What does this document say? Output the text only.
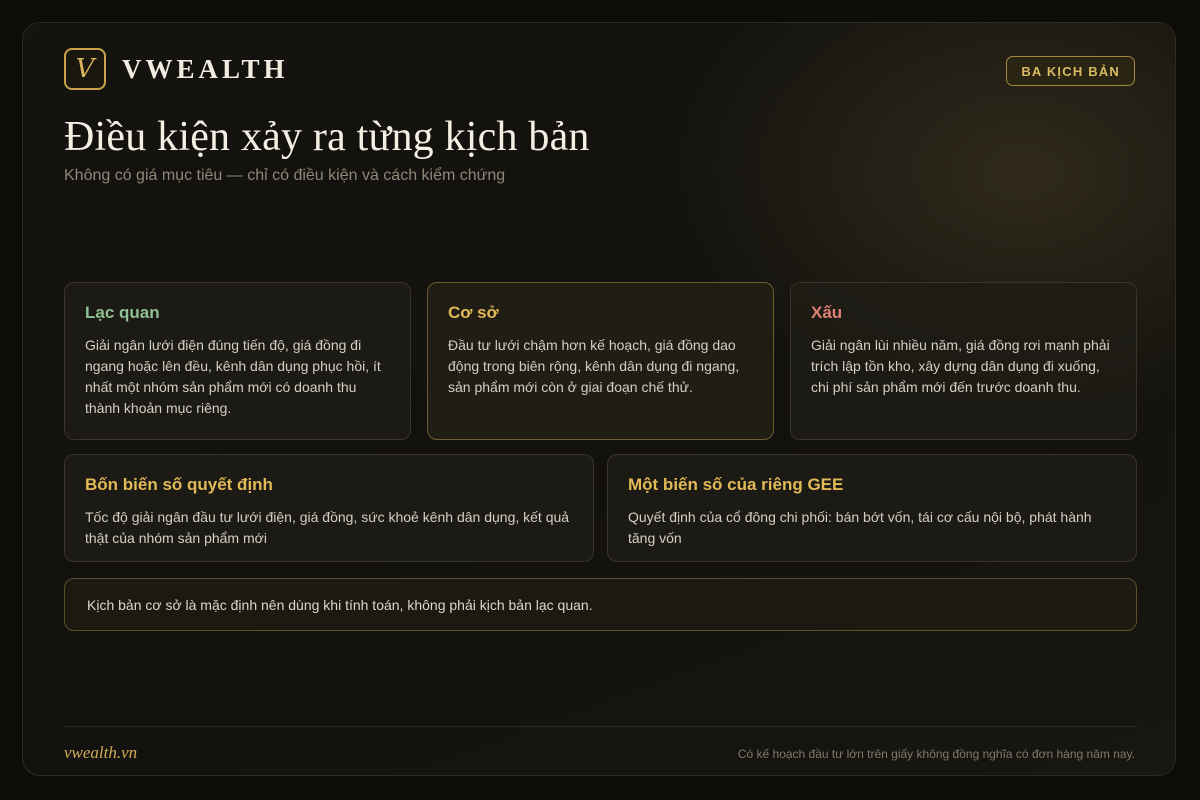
V VWEALTH	BA KỊCH BẢN
Điều kiện xảy ra từng kịch bản
Không có giá mục tiêu — chỉ có điều kiện và cách kiểm chứng
Lạc quan
Giải ngân lưới điện đúng tiến độ, giá đồng đi ngang hoặc lên đều, kênh dân dụng phục hồi, ít nhất một nhóm sản phẩm mới có doanh thu thành khoản mục riêng.
Cơ sở
Đầu tư lưới chậm hơn kế hoạch, giá đồng dao động trong biên rộng, kênh dân dụng đi ngang, sản phẩm mới còn ở giai đoạn chế thử.
Xấu
Giải ngân lùi nhiều năm, giá đồng rơi mạnh phải trích lập tồn kho, xây dựng dân dụng đi xuống, chi phí sản phẩm mới đến trước doanh thu.
Bốn biến số quyết định
Tốc độ giải ngân đầu tư lưới điện, giá đồng, sức khoẻ kênh dân dụng, kết quả thật của nhóm sản phẩm mới
Một biến số của riêng GEE
Quyết định của cổ đông chi phối: bán bớt vốn, tái cơ cấu nội bộ, phát hành tăng vốn
Kịch bản cơ sở là mặc định nên dùng khi tính toán, không phải kịch bản lạc quan.
vwealth.vn	Có kế hoạch đầu tư lớn trên giấy không đồng nghĩa có đơn hàng năm nay.
